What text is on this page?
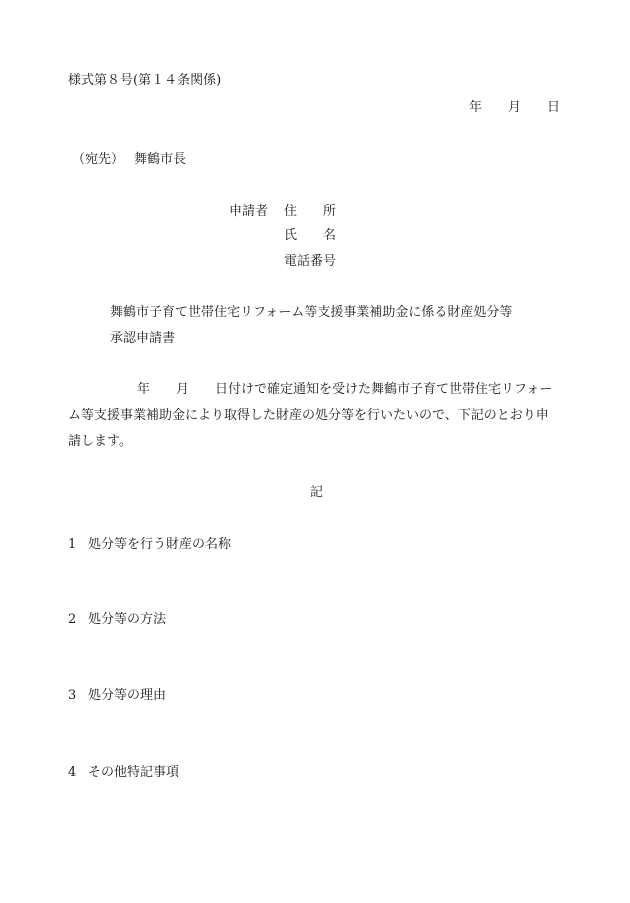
様式第８号(第１４条関係)
年 月 日
（宛先） 舞鶴市長
申請者 住 所
氏 名
電話番号
舞鶴市子育て世帯住宅リフォーム等支援事業補助金に係る財産処分等
承認申請書
年 月 日付けで確定通知を受けた舞鶴市子育て世帯住宅リフォー
ム等支援事業補助金により取得した財産の処分等を行いたいので、下記のとおり申
請します。
記
1 処分等を行う財産の名称
2 処分等の方法
3 処分等の理由
4 その他特記事項
